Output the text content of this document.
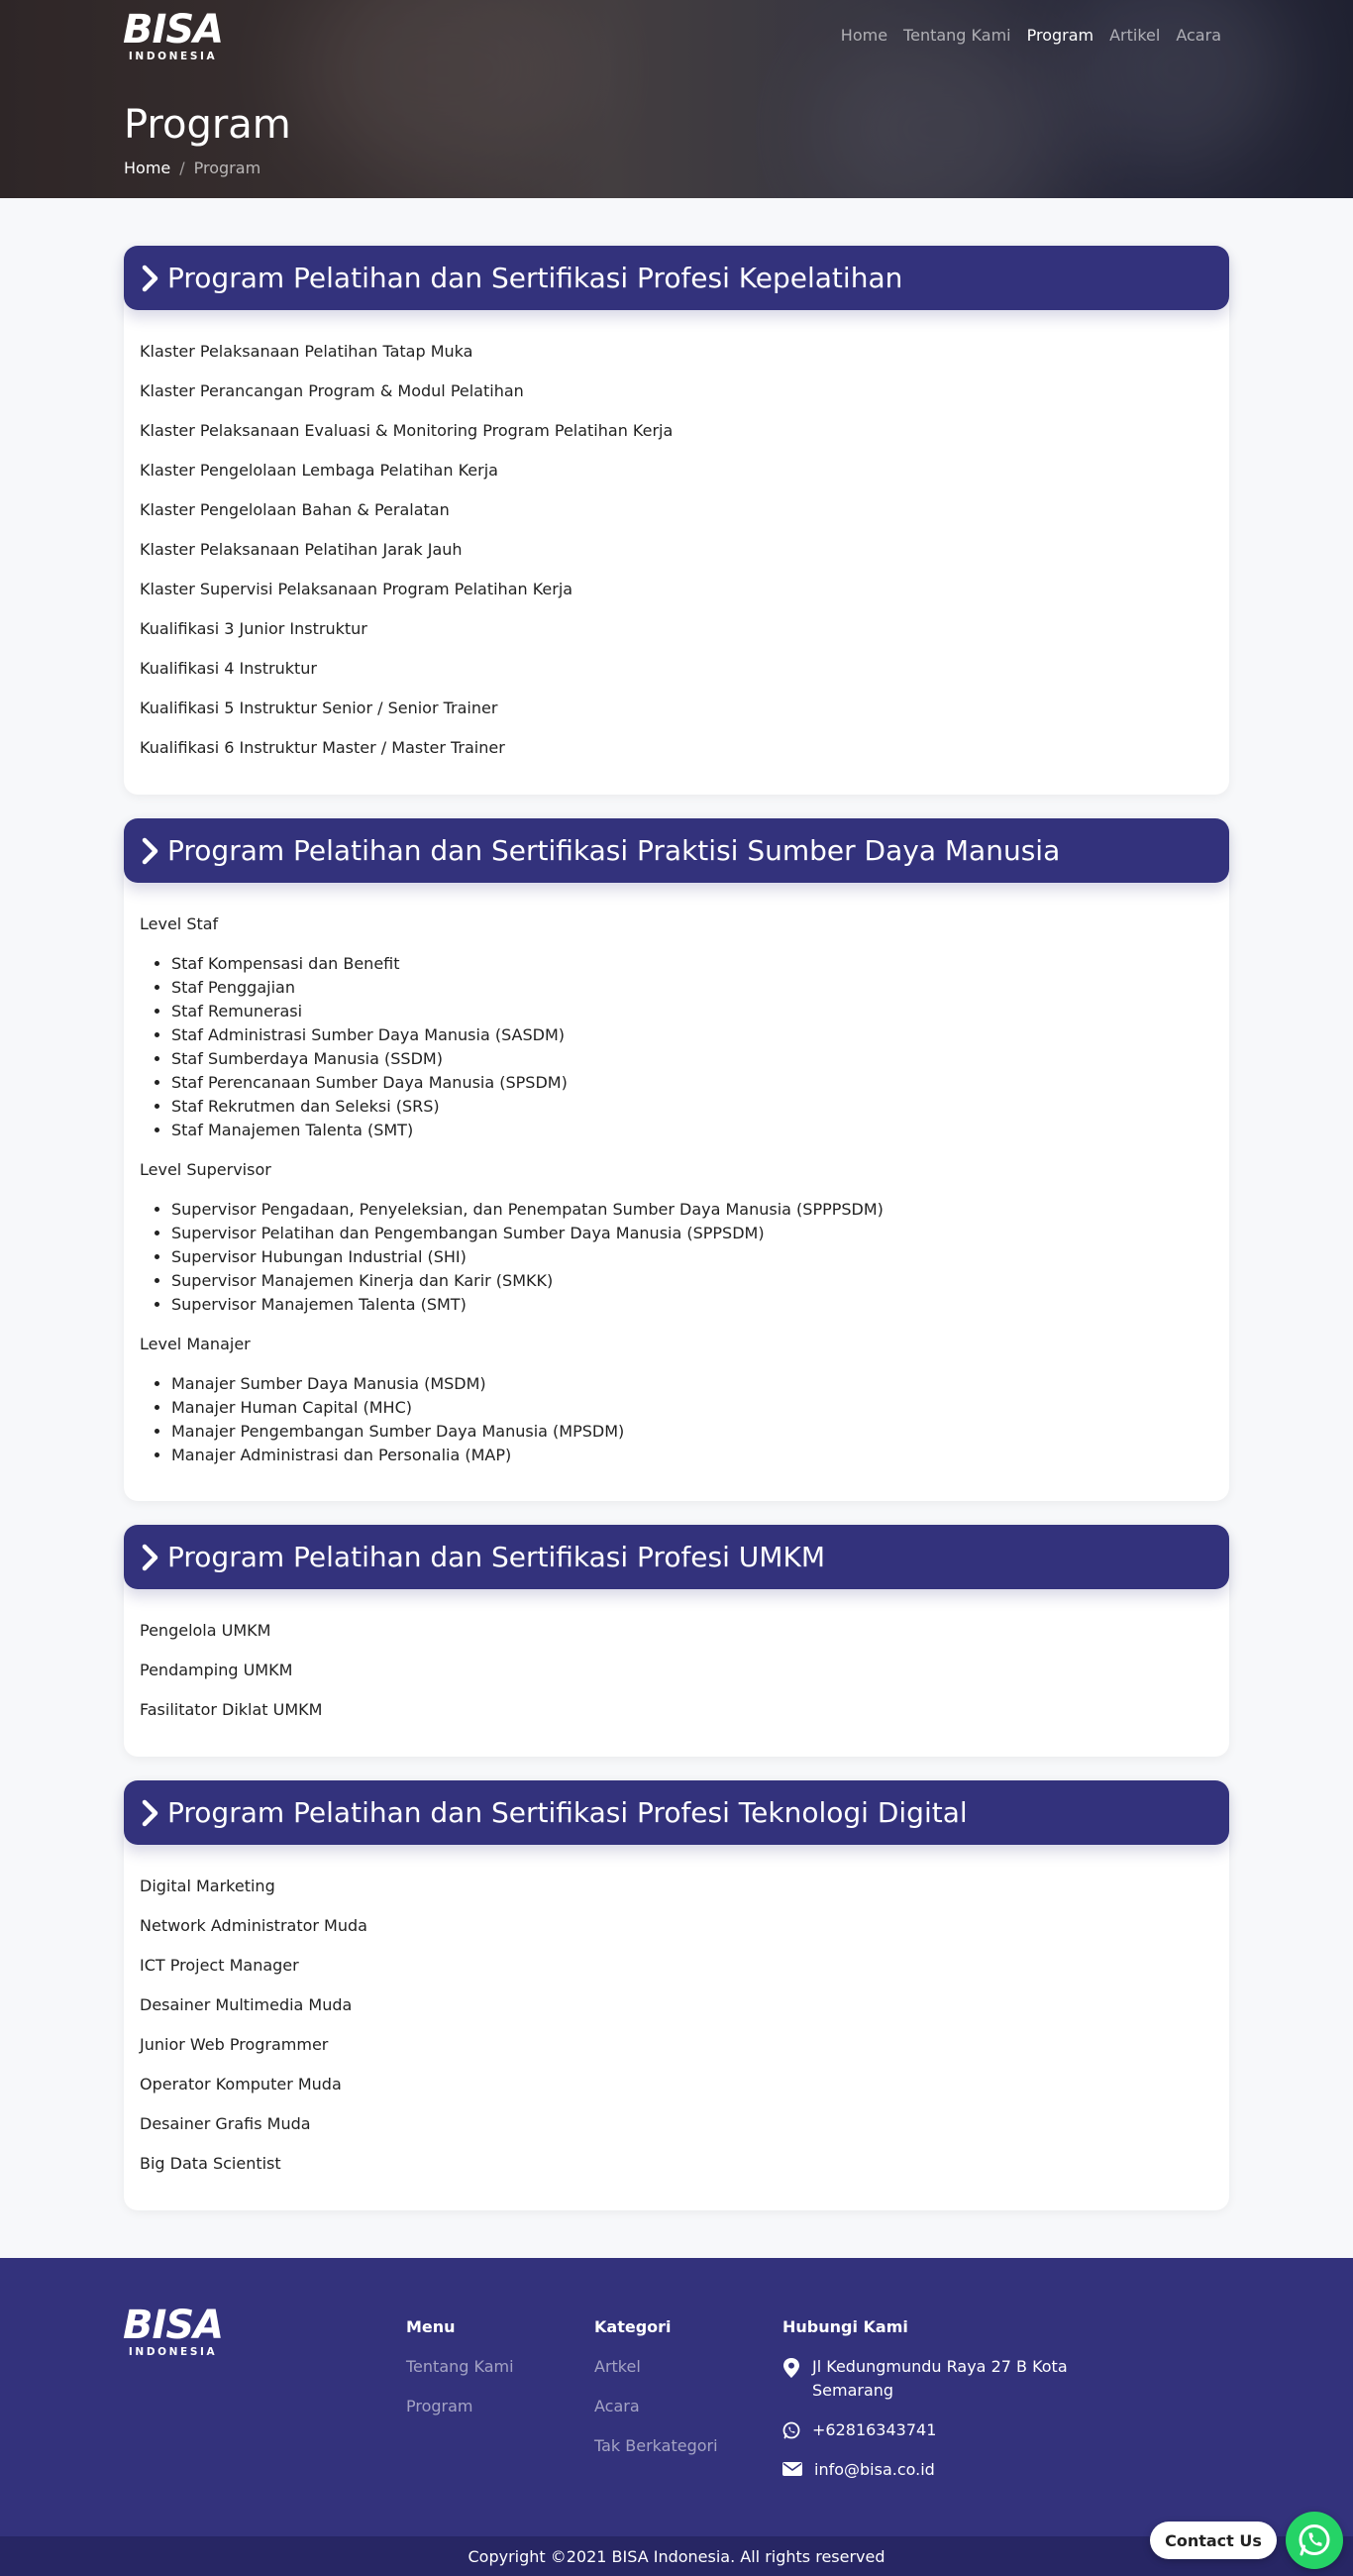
BISA
INDONESIA
Home Tentang Kami Program Artikel Acara
Program
Home / Program
Program Pelatihan dan Sertifikasi Profesi Kepelatihan

Klaster Pelaksanaan Pelatihan Tatap Muka

Klaster Perancangan Program & Modul Pelatihan

Klaster Pelaksanaan Evaluasi & Monitoring Program Pelatihan Kerja

Klaster Pengelolaan Lembaga Pelatihan Kerja

Klaster Pengelolaan Bahan & Peralatan

Klaster Pelaksanaan Pelatihan Jarak Jauh

Klaster Supervisi Pelaksanaan Program Pelatihan Kerja

Kualifikasi 3 Junior Instruktur

Kualifikasi 4 Instruktur

Kualifikasi 5 Instruktur Senior / Senior Trainer

Kualifikasi 6 Instruktur Master / Master Trainer

Program Pelatihan dan Sertifikasi Praktisi Sumber Daya Manusia

Level Staf

• Staf Kompensasi dan Benefit
• Staf Penggajian
• Staf Remunerasi
• Staf Administrasi Sumber Daya Manusia (SASDM)
• Staf Sumberdaya Manusia (SSDM)
• Staf Perencanaan Sumber Daya Manusia (SPSDM)
• Staf Rekrutmen dan Seleksi (SRS)
• Staf Manajemen Talenta (SMT)

Level Supervisor

• Supervisor Pengadaan, Penyeleksian, dan Penempatan Sumber Daya Manusia (SPPPSDM)
• Supervisor Pelatihan dan Pengembangan Sumber Daya Manusia (SPPSDM)
• Supervisor Hubungan Industrial (SHI)
• Supervisor Manajemen Kinerja dan Karir (SMKK)
• Supervisor Manajemen Talenta (SMT)

Level Manajer

• Manajer Sumber Daya Manusia (MSDM)
• Manajer Human Capital (MHC)
• Manajer Pengembangan Sumber Daya Manusia (MPSDM)
• Manajer Administrasi dan Personalia (MAP)
Program Pelatihan dan Sertifikasi Profesi UMKM

Pengelola UMKM

Pendamping UMKM

Fasilitator Diklat UMKM

Program Pelatihan dan Sertifikasi Profesi Teknologi Digital

Digital Marketing

Network Administrator Muda

ICT Project Manager

Desainer Multimedia Muda

Junior Web Programmer

Operator Komputer Muda

Desainer Grafis Muda

Big Data Scientist

BISA
INDONESIA
Menu
Tentang Kami
Program
Kategori
Artkel
Acara
Tak Berkategori
Hubungi Kami
Jl Kedungmundu Raya 27 B Kota Semarang
+62816343741
info@bisa.co.id
Copyright ©2021 BISA Indonesia. All rights reserved
Contact Us
